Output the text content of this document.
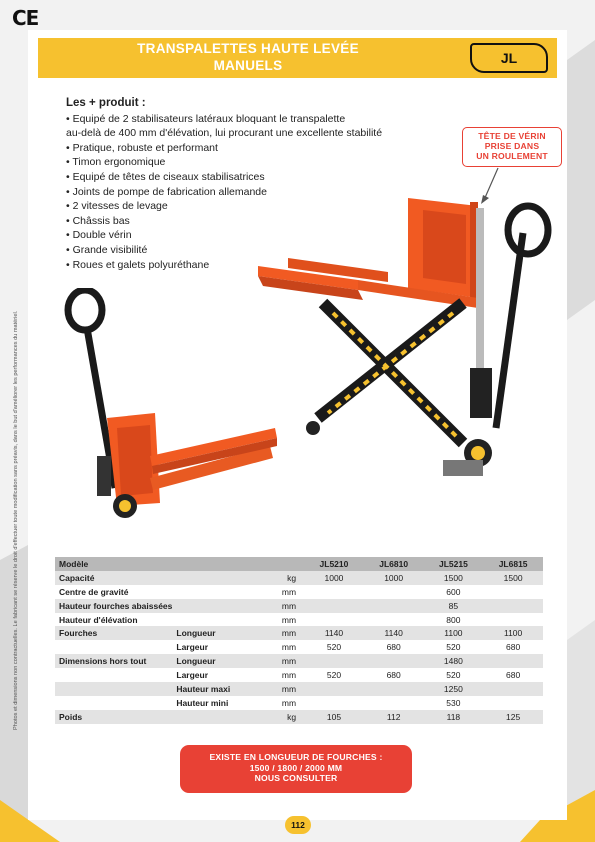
CE
TRANSPALETTES HAUTE LEVÉE
MANUELS	JL
Les + produit :
• Equipé de 2 stabilisateurs latéraux bloquant le transpalette
au-delà de 400 mm d'élévation, lui procurant une excellente stabilité
• Pratique, robuste et performant
• Timon ergonomique
• Equipé de têtes de ciseaux stabilisatrices
• Joints de pompe de fabrication allemande
• 2 vitesses de levage
• Châssis bas
• Double vérin
• Grande visibilité
• Roues et galets polyuréthane
TÊTE DE VÉRIN
PRISE DANS
UN ROULEMENT
Photos et dimensions non contractuelles. Le fabricant se réserve le droit d'effectuer toute modification sans préavis, dans le but d'améliorer les performances du matériel.	Modèle			JL5210	JL6810	JL5215	JL6815
Capacité		kg	1000	1000	1500	1500
Centre de gravité		mm			600	
Hauteur fourches abaissées		mm			85	
Hauteur d'élévation		mm			800	
Fourches	Longueur	mm	1140	1140	1100	1100
	Largeur	mm	520	680	520	680
Dimensions hors tout	Longueur	mm			1480	
	Largeur	mm	520	680	520	680
	Hauteur maxi	mm			1250	
	Hauteur mini	mm			530	
Poids		kg	105	112	118	125
EXISTE EN LONGUEUR DE FOURCHES :
1500 / 1800 / 2000 MM
NOUS CONSULTER
112
